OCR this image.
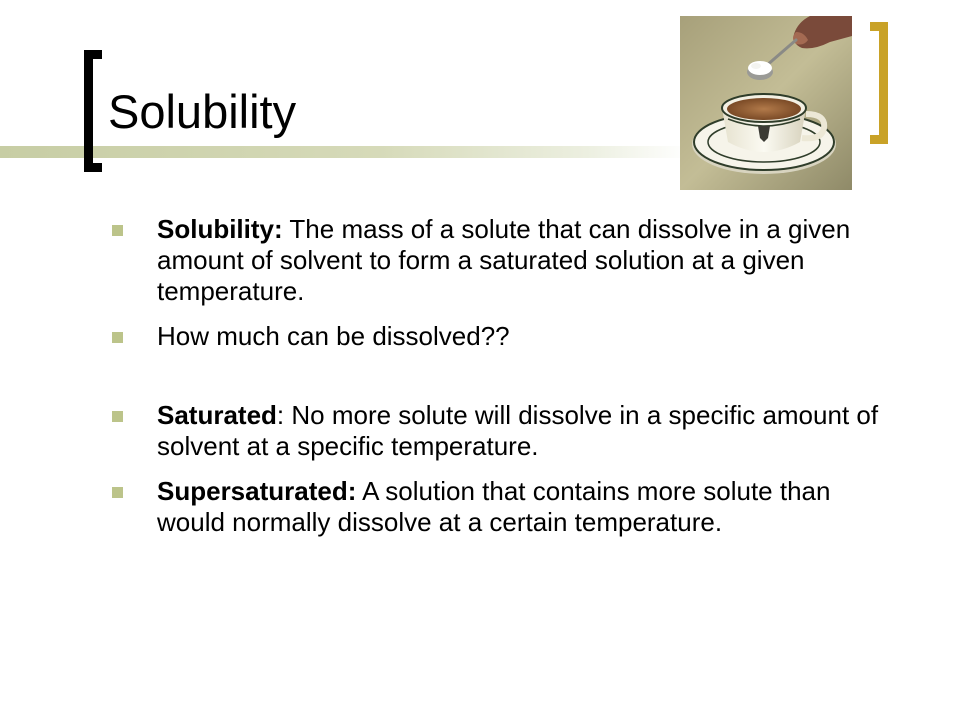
Solubility
Solubility: The mass of a solute that can dissolve in a given amount of solvent to form a saturated solution at a given temperature.
How much can be dissolved??
Saturated: No more solute will dissolve in a specific amount of solvent at a specific temperature.
Supersaturated: A solution that contains more solute than would normally dissolve at a certain temperature.
